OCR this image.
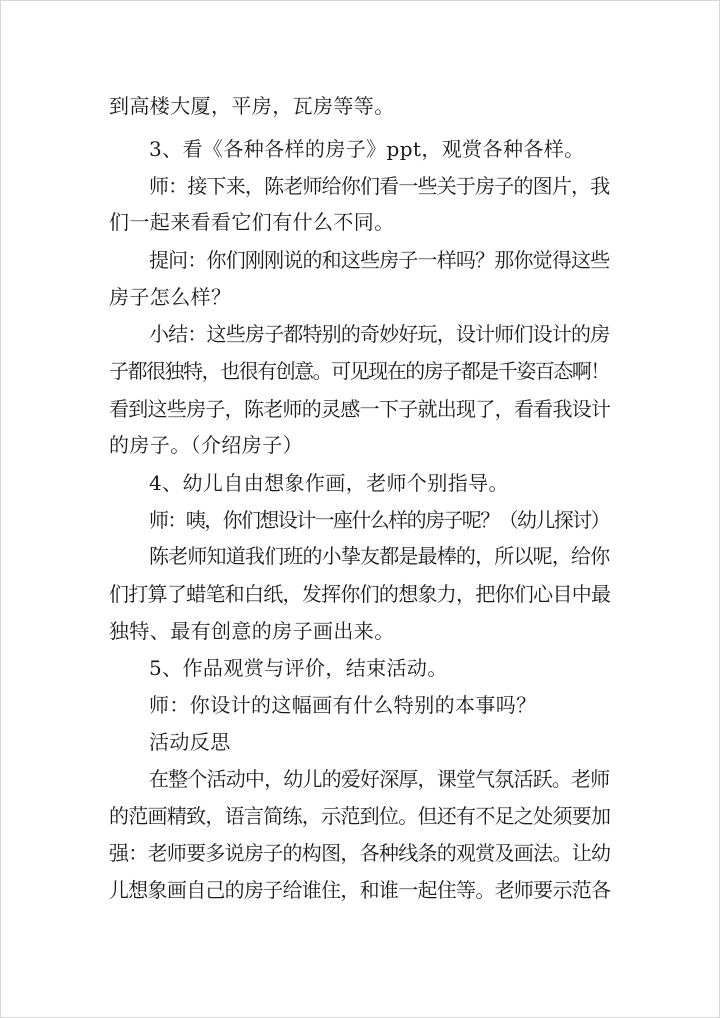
到高楼大厦，平房，瓦房等等。
3、看《各种各样的房子》ppt，观赏各种各样。
师：接下来，陈老师给你们看一些关于房子的图片，我
们一起来看看它们有什么不同。
提问：你们刚刚说的和这些房子一样吗？那你觉得这些
房子怎么样？
小结：这些房子都特别的奇妙好玩，设计师们设计的房
子都很独特，也很有创意。可见现在的房子都是千姿百态啊！
看到这些房子，陈老师的灵感一下子就出现了，看看我设计
的房子。（介绍房子）
4、幼儿自由想象作画，老师个别指导。
师：咦，你们想设计一座什么样的房子呢？（幼儿探讨）
陈老师知道我们班的小挚友都是最棒的，所以呢，给你
们打算了蜡笔和白纸，发挥你们的想象力，把你们心目中最
独特、最有创意的房子画出来。
5、作品观赏与评价，结束活动。
师：你设计的这幅画有什么特别的本事吗？
活动反思
在整个活动中，幼儿的爱好深厚，课堂气氛活跃。老师
的范画精致，语言简练，示范到位。但还有不足之处须要加
强：老师要多说房子的构图，各种线条的观赏及画法。让幼
儿想象画自己的房子给谁住，和谁一起住等。老师要示范各
